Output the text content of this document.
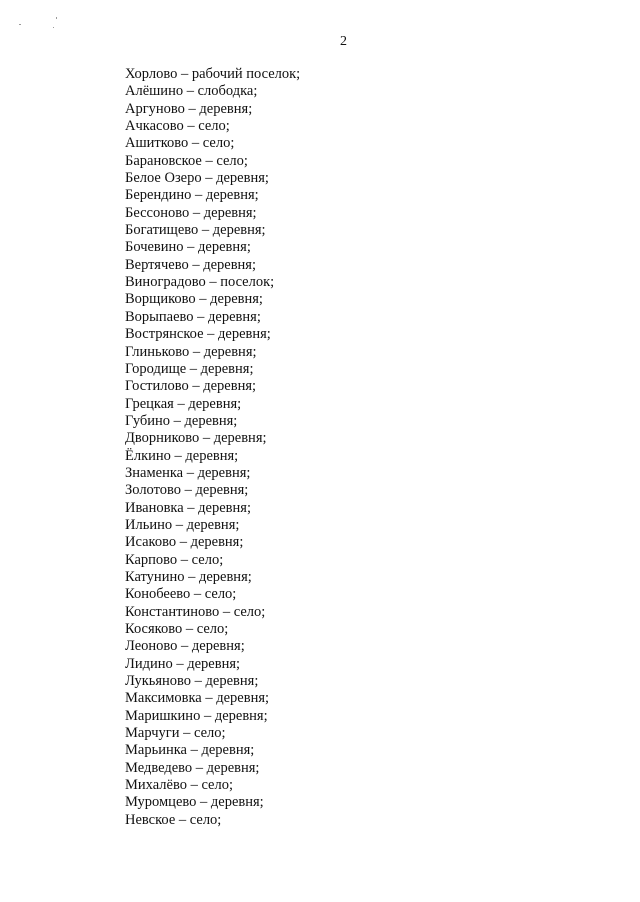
2
Хорлово – рабочий поселок;
Алёшино – слободка;
Аргуново – деревня;
Ачкасово – село;
Ашитково – село;
Барановское – село;
Белое Озеро – деревня;
Берендино – деревня;
Бессоново – деревня;
Богатищево – деревня;
Бочевино – деревня;
Вертячево – деревня;
Виноградово – поселок;
Ворщиково – деревня;
Ворыпаево – деревня;
Вострянское – деревня;
Глиньково – деревня;
Городище – деревня;
Гостилово – деревня;
Грецкая – деревня;
Губино – деревня;
Дворниково – деревня;
Ёлкино – деревня;
Знаменка – деревня;
Золотово – деревня;
Ивановка – деревня;
Ильино – деревня;
Исаково – деревня;
Карпово – село;
Катунино – деревня;
Конобеево – село;
Константиново – село;
Косяково – село;
Леоново – деревня;
Лидино – деревня;
Лукьяново – деревня;
Максимовка – деревня;
Маришкино – деревня;
Марчуги – село;
Марьинка – деревня;
Медведево – деревня;
Михалёво – село;
Муромцево – деревня;
Невское – село;
